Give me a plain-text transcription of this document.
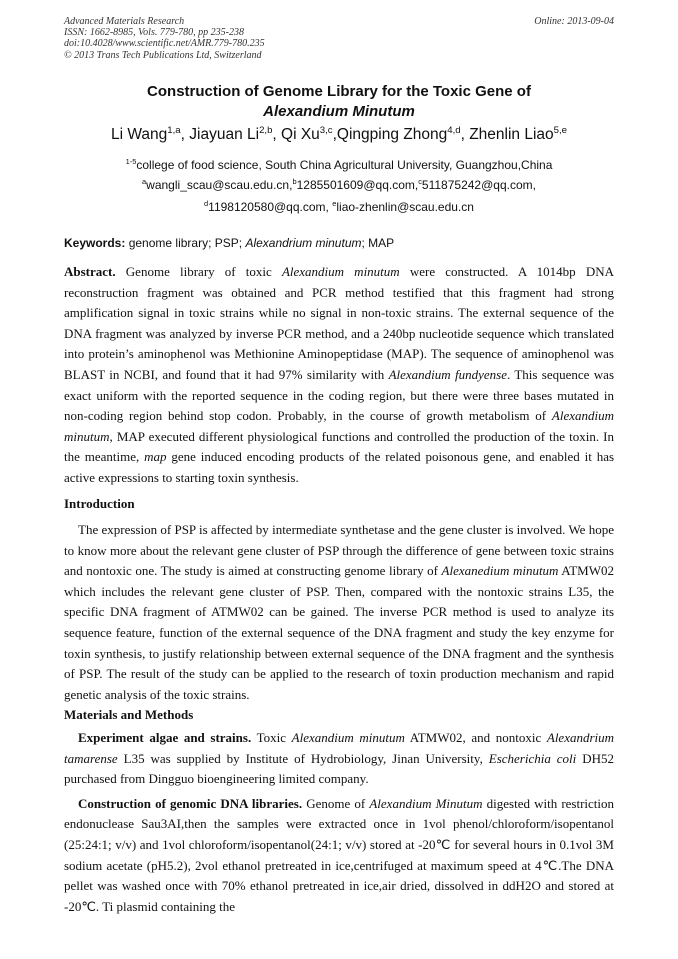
Advanced Materials Research
ISSN: 1662-8985, Vols. 779-780, pp 235-238
doi:10.4028/www.scientific.net/AMR.779-780.235
© 2013 Trans Tech Publications Ltd, Switzerland
Online: 2013-09-04
Construction of Genome Library for the Toxic Gene of
Alexandium Minutum
Li Wang$^{1,a}$, Jiayuan Li$^{2,b}$, Qi Xu$^{3,c}$,Qingping Zhong$^{4,d}$, Zhenlin Liao$^{5,e}$
$^{1-5}$college of food science, South China Agricultural University, Guangzhou,China
$^a$wangli_scau@scau.edu.cn,$^b$1285501609@qq.com,$^c$511875242@qq.com,
$^d$1198120580@qq.com, $^e$liao-zhenlin@scau.edu.cn
Keywords: genome library; PSP; Alexandrium minutum; MAP

Abstract. Genome library of toxic Alexandium minutum were constructed. A 1014bp DNA reconstruction fragment was obtained and PCR method testified that this fragment had strong amplification signal in toxic strains while no signal in non-toxic strains. The external sequence of the DNA fragment was analyzed by inverse PCR method, and a 240bp nucleotide sequence which translated into protein’s aminophenol was Methionine Aminopeptidase (MAP). The sequence of aminophenol was BLAST in NCBI, and found that it had 97% similarity with Alexandium fundyense. This sequence was exact uniform with the reported sequence in the coding region, but there were three bases mutated in non-coding region behind stop codon. Probably, in the course of growth metabolism of Alexandium minutum, MAP executed different physiological functions and controlled the production of the toxin. In the meantime, map gene induced encoding products of the related poisonous gene, and enabled it has active expressions to starting toxin synthesis.

Introduction

The expression of PSP is affected by intermediate synthetase and the gene cluster is involved. We hope to know more about the relevant gene cluster of PSP through the difference of gene between toxic strains and nontoxic one. The study is aimed at constructing genome library of Alexanedium minutum ATMW02 which includes the relevant gene cluster of PSP. Then, compared with the nontoxic strains L35, the specific DNA fragment of ATMW02 can be gained. The inverse PCR method is used to analyze its sequence feature, function of the external sequence of the DNA fragment and study the key enzyme for toxin synthesis, to justify relationship between external sequence of the DNA fragment and the synthesis of PSP. The result of the study can be applied to the research of toxin production mechanism and rapid genetic analysis of the toxic strains.

Materials and Methods

Experiment algae and strains. Toxic Alexandium minutum ATMW02, and nontoxic Alexandrium tamarense L35 was supplied by Institute of Hydrobiology, Jinan University, Escherichia coli DH52 purchased from Dingguo bioengineering limited company.

Construction of genomic DNA libraries. Genome of Alexandium Minutum digested with restriction endonuclease Sau3AI,then the samples were extracted once in 1vol phenol/chloroform/isopentanol (25:24:1; v/v) and 1vol chloroform/isopentanol(24:1; v/v) stored at -20℃ for several hours in 0.1vol 3M sodium acetate (pH5.2), 2vol ethanol pretreated in ice,centrifuged at maximum speed at 4℃.The DNA pellet was washed once with 70% ethanol pretreated in ice,air dried, dissolved in ddH2O and stored at -20℃. Ti plasmid containing the
